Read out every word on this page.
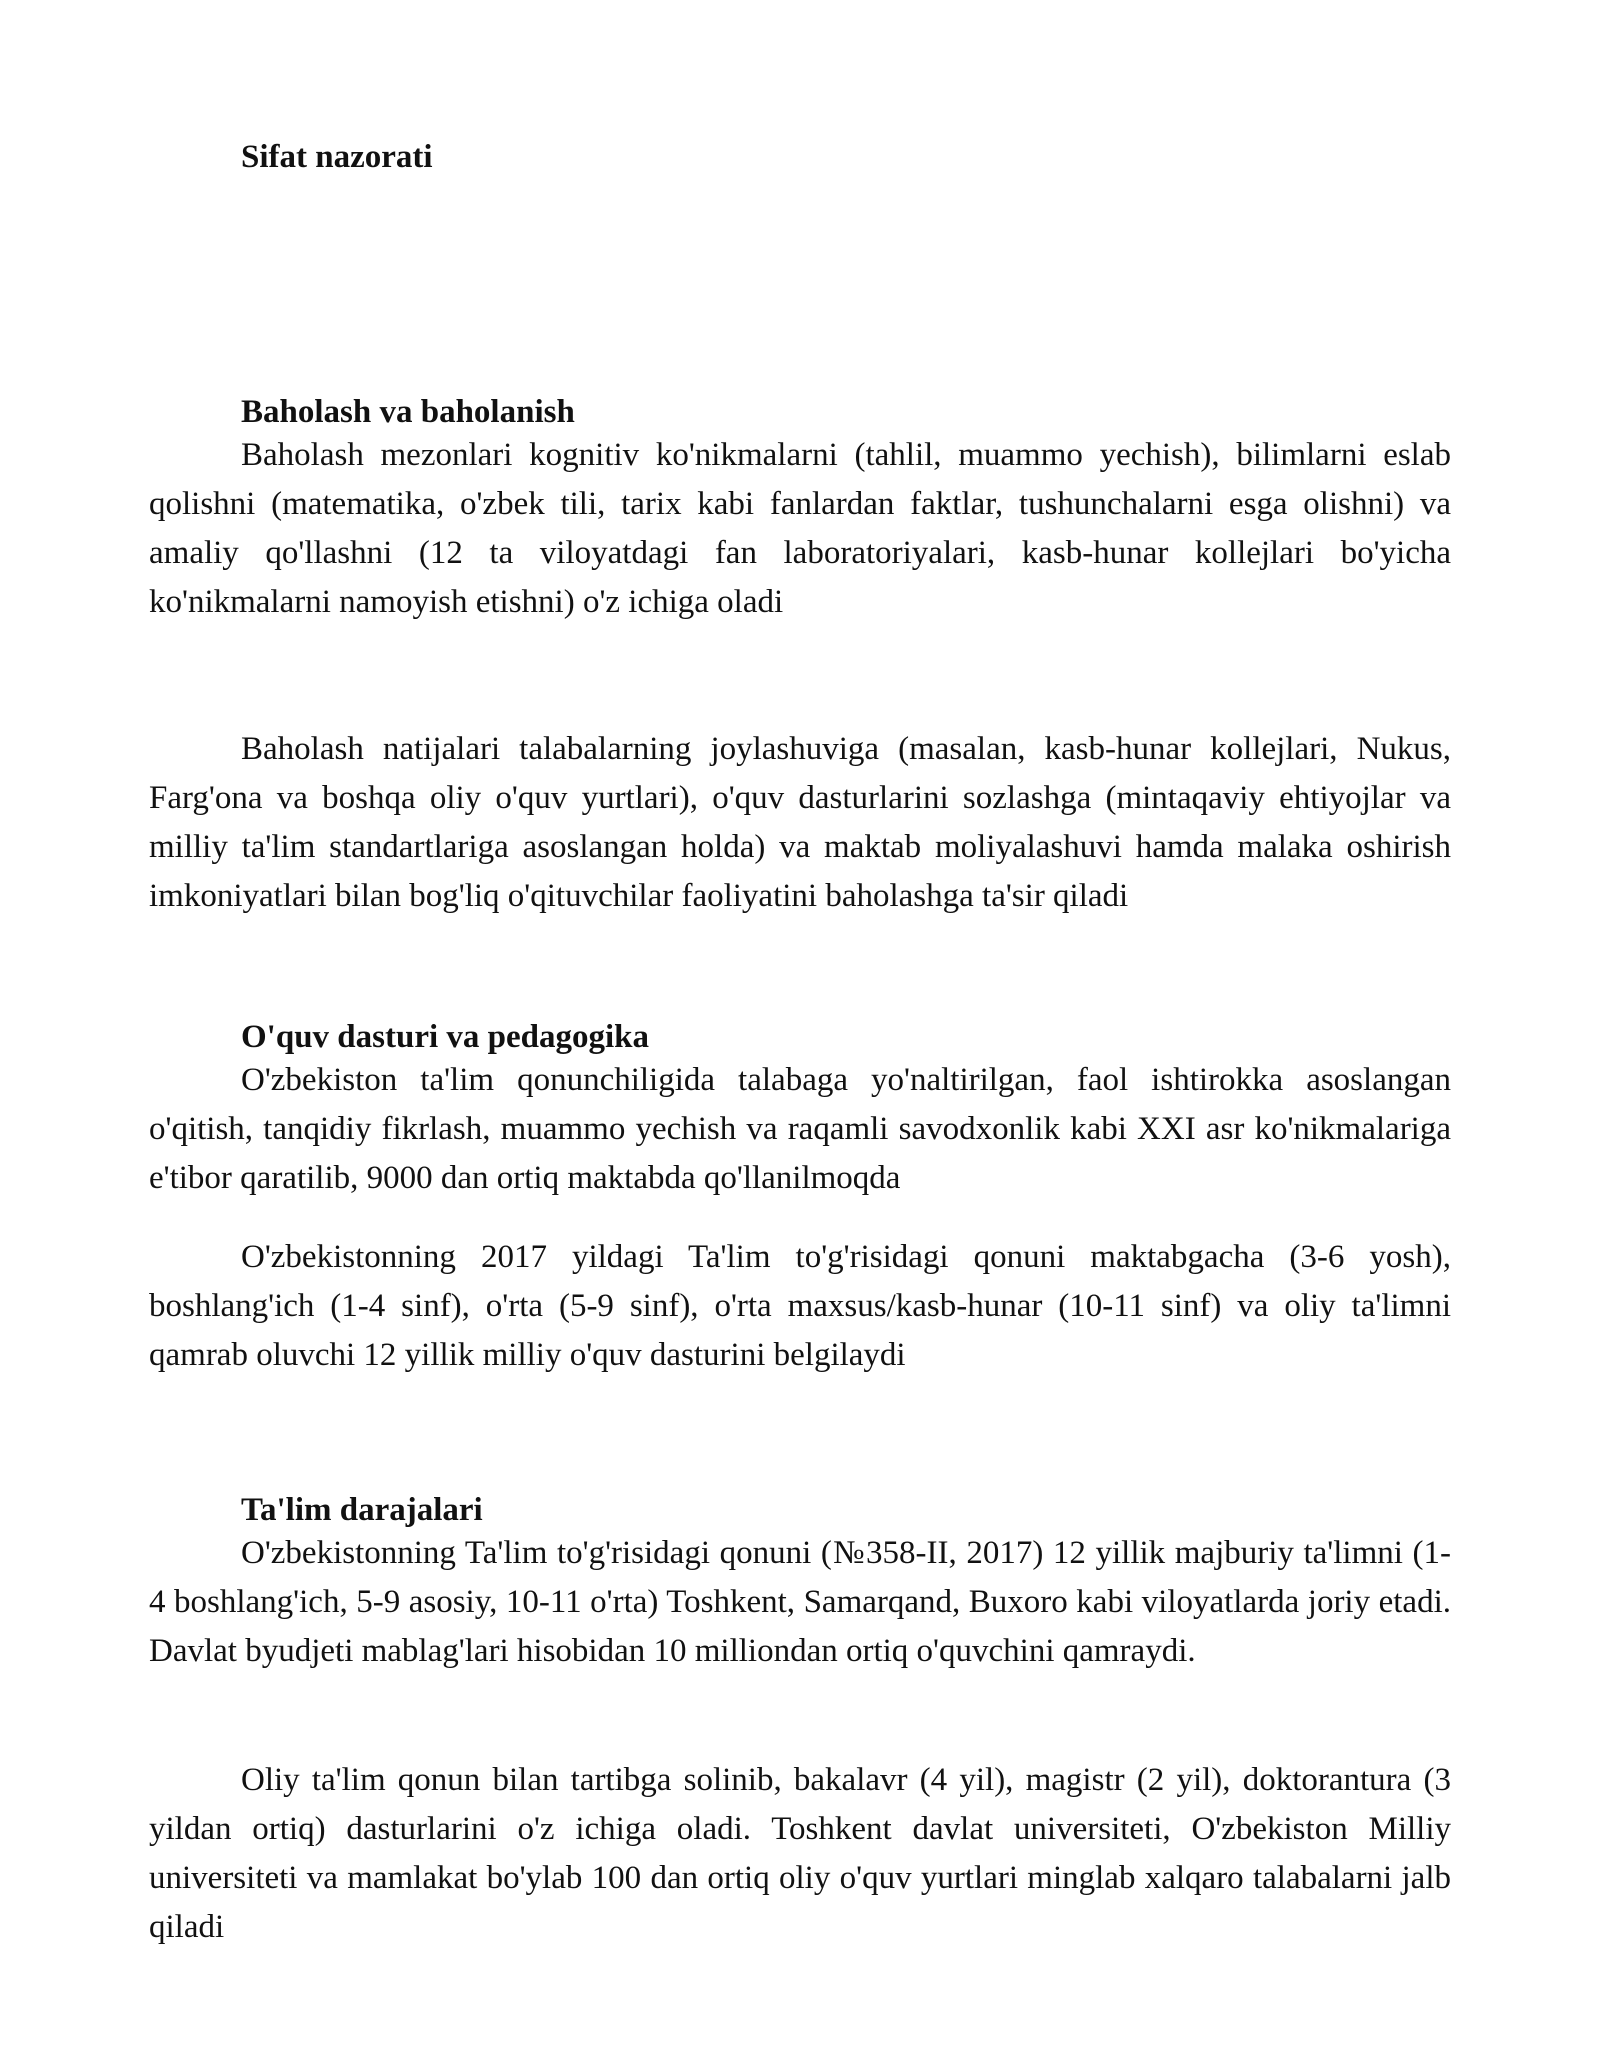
Sifat nazorati
Baholash va baholanish

Baholash mezonlari kognitiv ko'nikmalarni (tahlil, muammo yechish), bilimlarni eslab qolishni (matematika, o'zbek tili, tarix kabi fanlardan faktlar, tushunchalarni esga olishni) va amaliy qo'llashni (12 ta viloyatdagi fan laboratoriyalari, kasb-hunar kollejlari bo'yicha ko'nikmalarni namoyish etishni) o'z ichiga oladi

Baholash natijalari talabalarning joylashuviga (masalan, kasb-hunar kollejlari, Nukus, Farg'ona va boshqa oliy o'quv yurtlari), o'quv dasturlarini sozlashga (mintaqaviy ehtiyojlar va milliy ta'lim standartlariga asoslangan holda) va maktab moliyalashuvi hamda malaka oshirish imkoniyatlari bilan bog'liq o'qituvchilar faoliyatini baholashga ta'sir qiladi

O'quv dasturi va pedagogika

O'zbekiston ta'lim qonunchiligida talabaga yo'naltirilgan, faol ishtirokka asoslangan o'qitish, tanqidiy fikrlash, muammo yechish va raqamli savodxonlik kabi XXI asr ko'nikmalariga e'tibor qaratilib, 9000 dan ortiq maktabda qo'llanilmoqda

O'zbekistonning 2017 yildagi Ta'lim to'g'risidagi qonuni maktabgacha (3-6 yosh), boshlang'ich (1-4 sinf), o'rta (5-9 sinf), o'rta maxsus/kasb-hunar (10-11 sinf) va oliy ta'limni qamrab oluvchi 12 yillik milliy o'quv dasturini belgilaydi

Ta'lim darajalari

O'zbekistonning Ta'lim to'g'risidagi qonuni (№358-II, 2017) 12 yillik majburiy ta'limni (1-4 boshlang'ich, 5-9 asosiy, 10-11 o'rta) Toshkent, Samarqand, Buxoro kabi viloyatlarda joriy etadi. Davlat byudjeti mablag'lari hisobidan 10 milliondan ortiq o'quvchini qamraydi.

Oliy ta'lim qonun bilan tartibga solinib, bakalavr (4 yil), magistr (2 yil), doktorantura (3 yildan ortiq) dasturlarini o'z ichiga oladi. Toshkent davlat universiteti, O'zbekiston Milliy universiteti va mamlakat bo'ylab 100 dan ortiq oliy o'quv yurtlari minglab xalqaro talabalarni jalb qiladi
